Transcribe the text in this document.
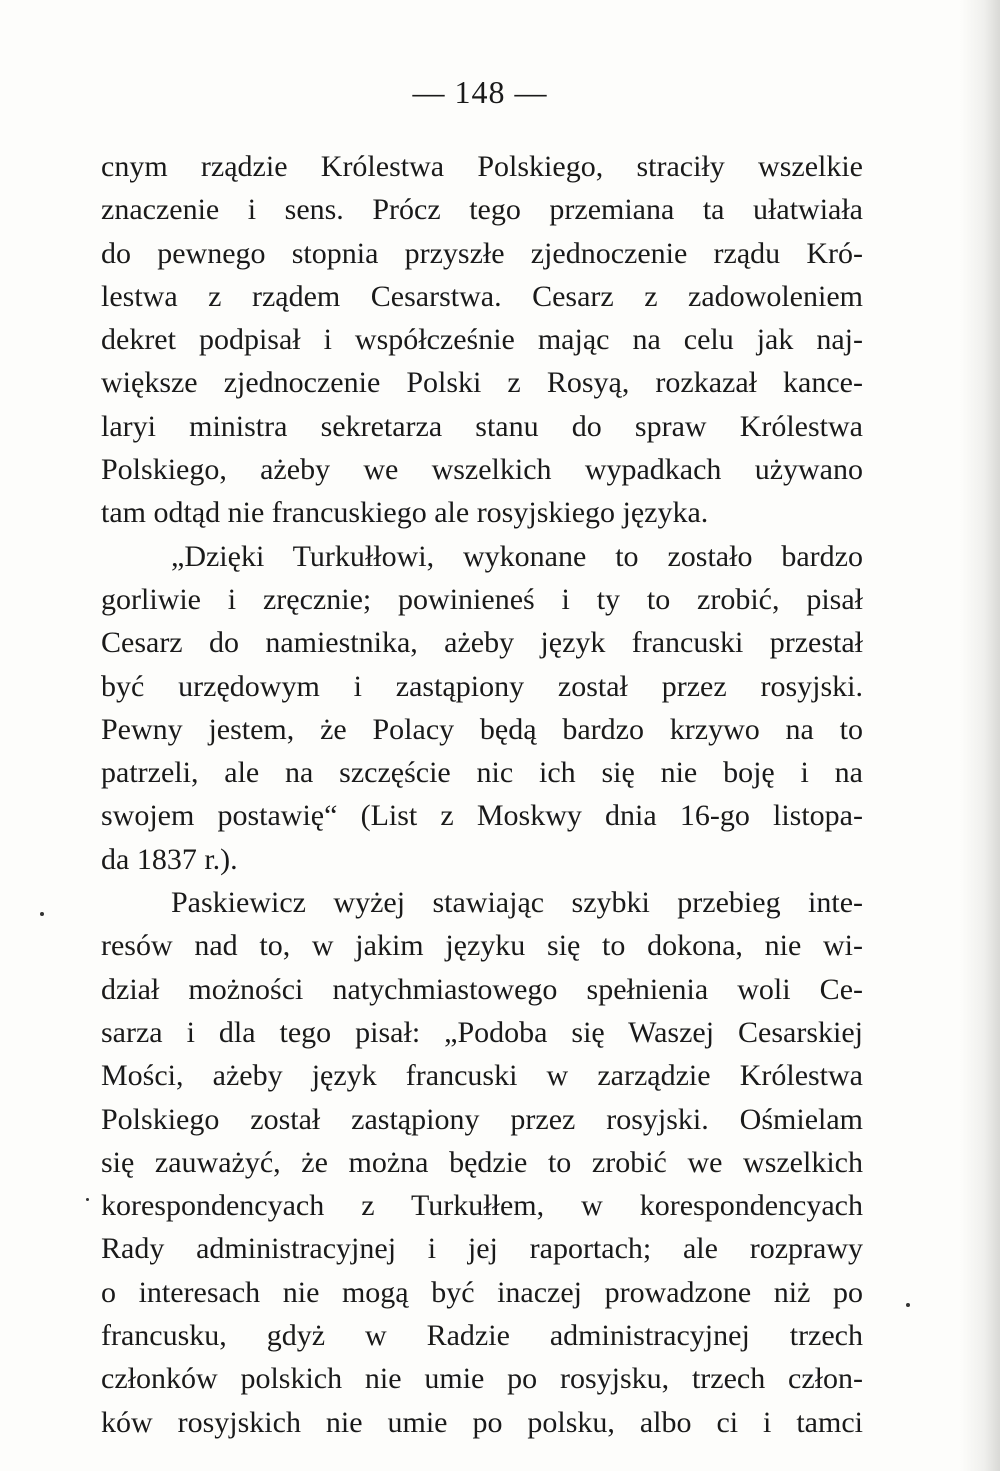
— 148 —
cnym rządzie Królestwa Polskiego, straciły wszelkie
znaczenie i sens. Prócz tego przemiana ta ułatwiała
do pewnego stopnia przyszłe zjednoczenie rządu Kró-
lestwa z rządem Cesarstwa. Cesarz z zadowoleniem
dekret podpisał i współcześnie mając na celu jak naj-
większe zjednoczenie Polski z Rosyą, rozkazał kance-
laryi ministra sekretarza stanu do spraw Królestwa
Polskiego, ażeby we wszelkich wypadkach używano
tam odtąd nie francuskiego ale rosyjskiego języka.
„Dzięki Turkułłowi, wykonane to zostało bardzo
gorliwie i zręcznie; powinieneś i ty to zrobić, pisał
Cesarz do namiestnika, ażeby język francuski przestał
być urzędowym i zastąpiony został przez rosyjski.
Pewny jestem, że Polacy będą bardzo krzywo na to
patrzeli, ale na szczęście nic ich się nie boję i na
swojem postawię“ (List z Moskwy dnia 16-go listopa-
da 1837 r.).
Paskiewicz wyżej stawiając szybki przebieg inte-
resów nad to, w jakim języku się to dokona, nie wi-
dział możności natychmiastowego spełnienia woli Ce-
sarza i dla tego pisał: „Podoba się Waszej Cesarskiej
Mości, ażeby język francuski w zarządzie Królestwa
Polskiego został zastąpiony przez rosyjski. Ośmielam
się zauważyć, że można będzie to zrobić we wszelkich
korespondencyach z Turkułłem, w korespondencyach
Rady administracyjnej i jej raportach; ale rozprawy
o interesach nie mogą być inaczej prowadzone niż po
francusku, gdyż w Radzie administracyjnej trzech
członków polskich nie umie po rosyjsku, trzech człon-
ków rosyjskich nie umie po polsku, albo ci i tamci
